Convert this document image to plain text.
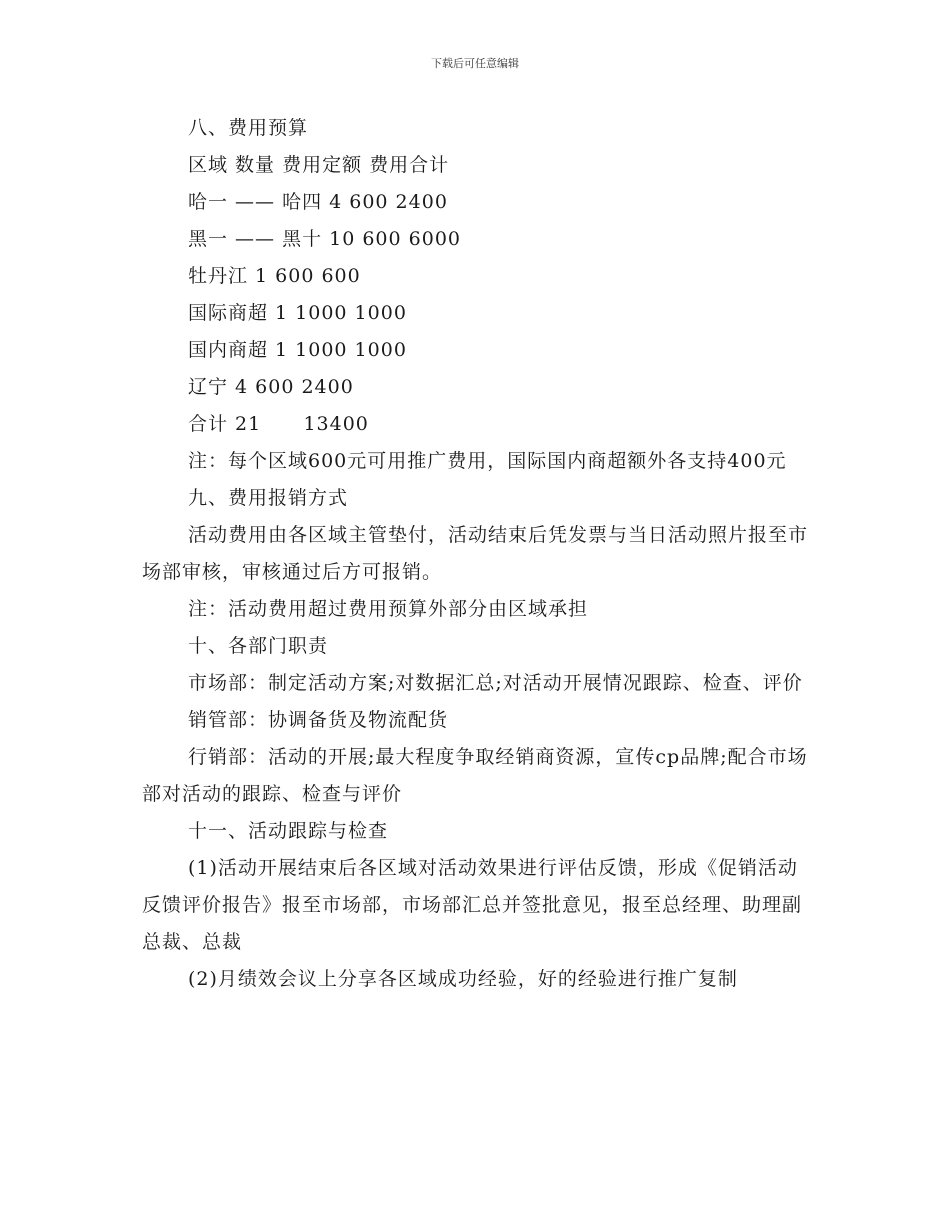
下载后可任意编辑

八、费用预算

区域 数量 费用定额 费用合计

哈一 —— 哈四 4 600 2400

黑一 —— 黑十 10 600 6000

牡丹江 1 600 600

国际商超 1 1000 1000

国内商超 1 1000 1000

辽宁 4 600 2400

合计 21      13400

注：每个区域600元可用推广费用，国际国内商超额外各支持400元

九、费用报销方式

活动费用由各区域主管垫付，活动结束后凭发票与当日活动照片报至市场部审核，审核通过后方可报销。

注：活动费用超过费用预算外部分由区域承担

十、各部门职责

市场部：制定活动方案;对数据汇总;对活动开展情况跟踪、检查、评价

销管部：协调备货及物流配货

行销部：活动的开展;最大程度争取经销商资源，宣传cp品牌;配合市场部对活动的跟踪、检查与评价

十一、活动跟踪与检查

(1)活动开展结束后各区域对活动效果进行评估反馈，形成《促销活动反馈评价报告》报至市场部，市场部汇总并签批意见，报至总经理、助理副总裁、总裁

(2)月绩效会议上分享各区域成功经验，好的经验进行推广复制
